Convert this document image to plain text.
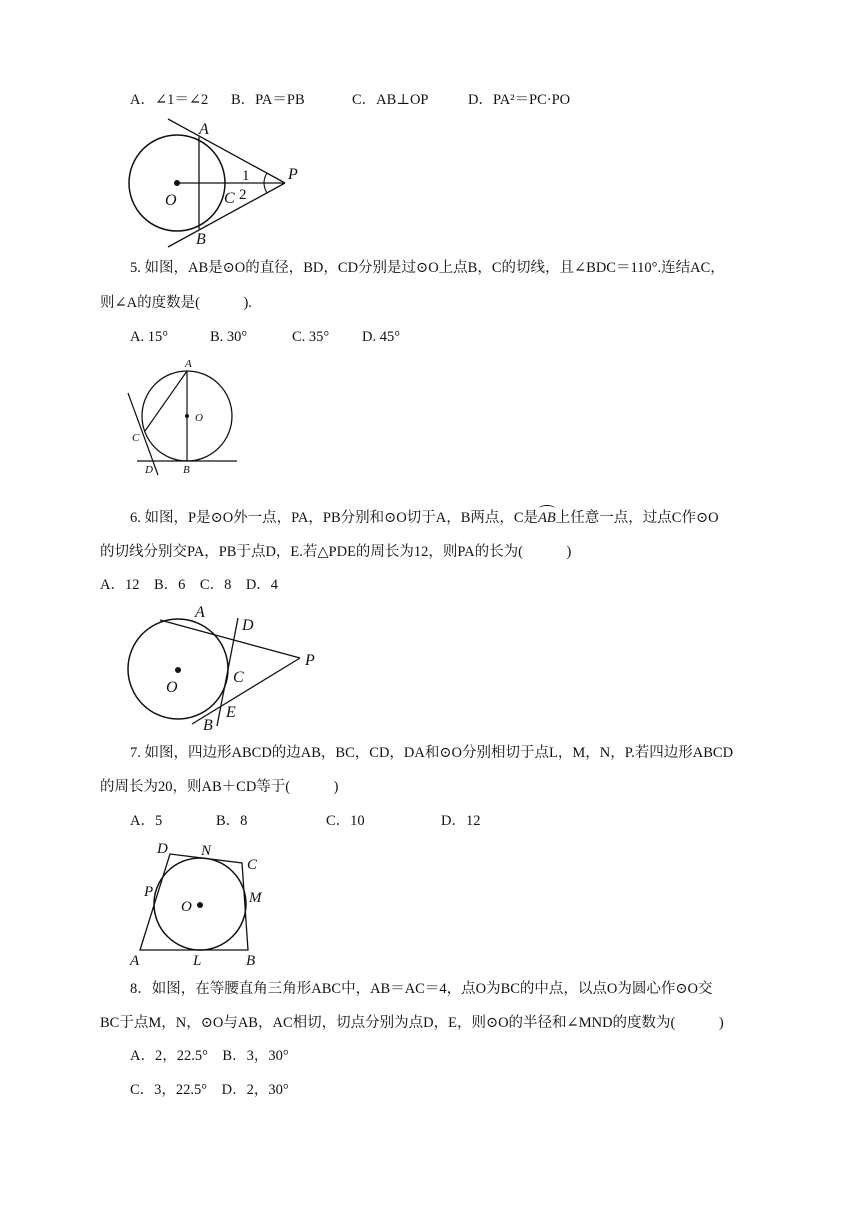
A．∠1＝∠2 B．PA＝PB	C．AB⊥OP	D．PA²＝PC·PO
A
B
O	C
P
1
2
5. 如图，AB是⊙O的直径，BD，CD分别是过⊙O上点B，C的切线，且∠BDC＝110°.连结AC，
则∠A的度数是(　　　).
A. 15°	B. 30°	C. 35° D. 45°
A
O
C
D	B
6. 如图，P是⊙O外一点，PA，PB分别和⊙O切于A，B两点，C是AB上任意一点，过点C作⊙O
的切线分别交PA，PB于点D，E.若△PDE的周长为12，则PA的长为(　　　)
A．12　B．6　C．8　D．4
A
D
P
O
C
B
E
7. 如图，四边形ABCD的边AB，BC，CD，DA和⊙O分别相切于点L，M，N，P.若四边形ABCD
的周长为20，则AB＋CD等于(　　　)
A．5	B．8	C．10	D．12
D N
C
P	M
O
A	L	B
8．如图，在等腰直角三角形ABC中，AB＝AC＝4，点O为BC的中点，以点O为圆心作⊙O交
BC于点M，N，⊙O与AB，AC相切，切点分别为点D，E，则⊙O的半径和∠MND的度数为(　　　)
A．2，22.5°　B．3，30°
C．3，22.5°　D．2，30°
